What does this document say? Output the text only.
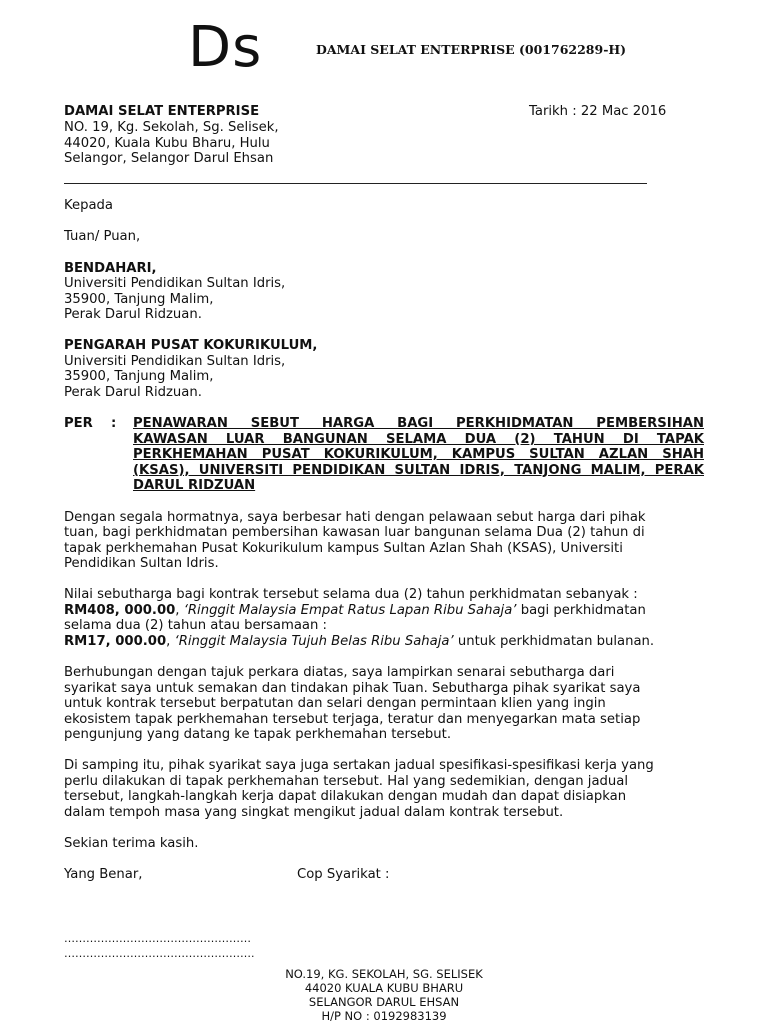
Ds	DAMAI SELAT ENTERPRISE (001762289-H)
DAMAI SELAT ENTERPRISE
NO. 19, Kg. Sekolah, Sg. Selisek,
44020, Kuala Kubu Bharu, Hulu
Selangor, Selangor Darul Ehsan
Tarikh : 22 Mac 2016
Kepada
Tuan/ Puan,
BENDAHARI,
Universiti Pendidikan Sultan Idris,
35900, Tanjung Malim,
Perak Darul Ridzuan.
PENGARAH PUSAT KOKURIKULUM,
Universiti Pendidikan Sultan Idris,
35900, Tanjung Malim,
Perak Darul Ridzuan.
PER : PENAWARAN SEBUT HARGA BAGI PERKHIDMATAN PEMBERSIHAN
KAWASAN LUAR BANGUNAN SELAMA DUA (2) TAHUN DI TAPAK
PERKHEMAHAN PUSAT KOKURIKULUM, KAMPUS SULTAN AZLAN SHAH
(KSAS), UNIVERSITI PENDIDIKAN SULTAN IDRIS, TANJONG MALIM, PERAK
DARUL RIDZUAN
Dengan segala hormatnya, saya berbesar hati dengan pelawaan sebut harga dari pihak
tuan, bagi perkhidmatan pembersihan kawasan luar bangunan selama Dua (2) tahun di
tapak perkhemahan Pusat Kokurikulum kampus Sultan Azlan Shah (KSAS), Universiti
Pendidikan Sultan Idris.
Nilai sebutharga bagi kontrak tersebut selama dua (2) tahun perkhidmatan sebanyak :
RM408, 000.00, ‘Ringgit Malaysia Empat Ratus Lapan Ribu Sahaja’ bagi perkhidmatan
selama dua (2) tahun atau bersamaan :
RM17, 000.00, ‘Ringgit Malaysia Tujuh Belas Ribu Sahaja’ untuk perkhidmatan bulanan.
Berhubungan dengan tajuk perkara diatas, saya lampirkan senarai sebutharga dari
syarikat saya untuk semakan dan tindakan pihak Tuan. Sebutharga pihak syarikat saya
untuk kontrak tersebut berpatutan dan selari dengan permintaan klien yang ingin
ekosistem tapak perkhemahan tersebut terjaga, teratur dan menyegarkan mata setiap
pengunjung yang datang ke tapak perkhemahan tersebut.
Di samping itu, pihak syarikat saya juga sertakan jadual spesifikasi-spesifikasi kerja yang
perlu dilakukan di tapak perkhemahan tersebut. Hal yang sedemikian, dengan jadual
tersebut, langkah-langkah kerja dapat dilakukan dengan mudah dan dapat disiapkan
dalam tempoh masa yang singkat mengikut jadual dalam kontrak tersebut.
Sekian terima kasih.
Yang Benar,	Cop Syarikat :
……………………………………………
…………………………………………….
NO.19, KG. SEKOLAH, SG. SELISEK
44020 KUALA KUBU BHARU
SELANGOR DARUL EHSAN
H/P NO : 0192983139
